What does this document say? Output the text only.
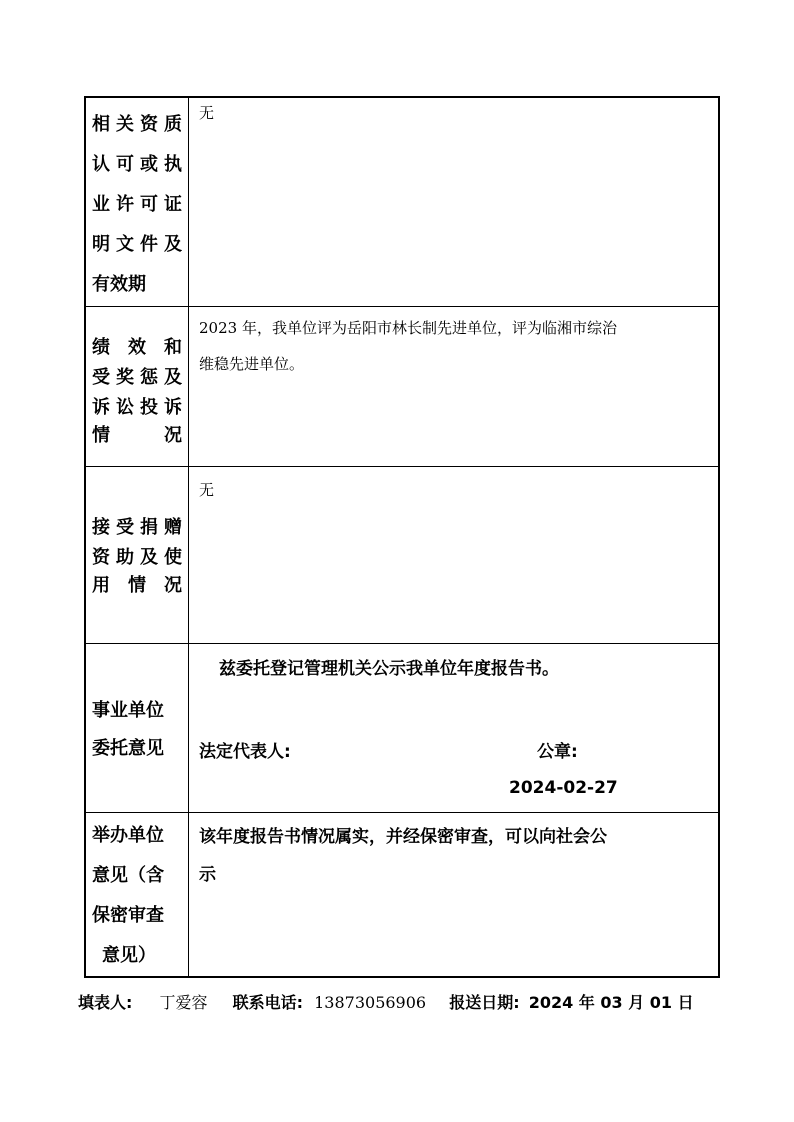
相 关 资 质
认 可 或 执
业 许 可 证
明 文 件 及
有效期
无
绩 效 和
受 奖 惩 及
诉 讼 投 诉
情	况
2023 年，我单位评为岳阳市林长制先进单位，评为临湘市综治
维稳先进单位。
接 受 捐 赠
资 助 及 使
用 情 况
无
事业单位
委托意见
兹委托登记管理机关公示我单位年度报告书。
法定代表人:	公章:
2024-02-27
举办单位
意见（含
保密审查
意见）
该年度报告书情况属实，并经保密审查，可以向社会公
示
填表人: 丁爱容 联系电话: 13873056906 报送日期: 2024 年 03 月 01 日
